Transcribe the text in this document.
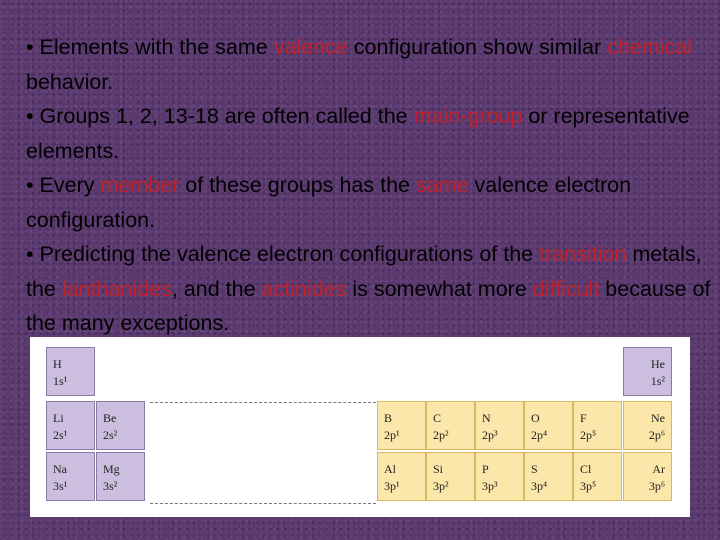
• Elements with the same valence configuration show similar chemical behavior.

• Groups 1, 2, 13-18 are often called the main-group or representative elements.

• Every member of these groups has the same valence electron configuration.

• Predicting the valence electron configurations of the transition metals, the lanthanides, and the actinides is somewhat more difficult because of the many exceptions.

H
1s¹
He
1s²
Li
2s¹
Be
2s²
B
2p¹
C
2p²
N
2p³
O
2p⁴
F
2p⁵
Ne
2p⁶
Na
3s¹
Mg
3s²
Al
3p¹
Si
3p²
P
3p³
S
3p⁴
Cl
3p⁵
Ar
3p⁶
